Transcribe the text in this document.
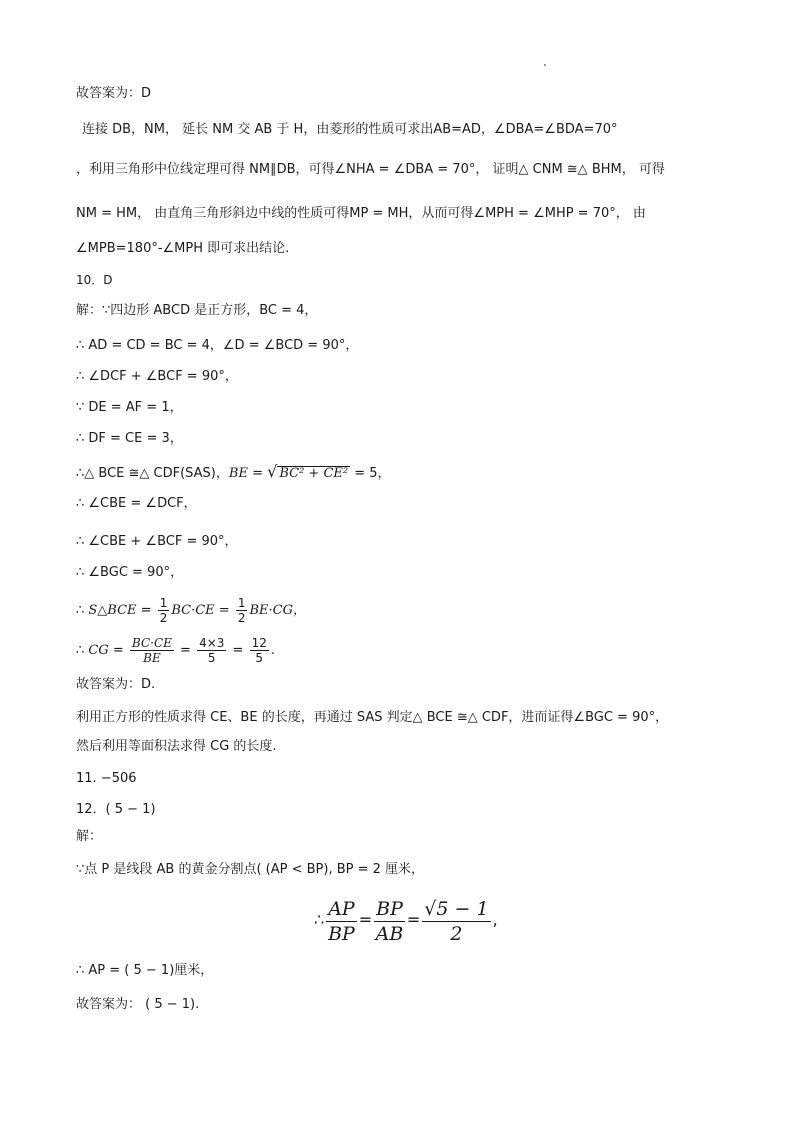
故答案为：D
连接 DB，NM， 延长 NM 交 AB 于 H，由菱形的性质可求出AB=AD，∠DBA=∠BDA=70°
，利用三角形中位线定理可得 NM∥DB，可得∠NHA = ∠DBA = 70°， 证明△ CNM ≅△ BHM， 可得
NM = HM， 由直角三角形斜边中线的性质可得MP = MH，从而可得∠MPH = ∠MHP = 70°， 由
∠MPB=180°-∠MPH 即可求出结论.
10．D
解：∵四边形 ABCD 是正方形，BC = 4，
∴ AD = CD = BC = 4，∠D = ∠BCD = 90°，
∴ ∠DCF + ∠BCF = 90°，
∵ DE = AF = 1，
∴ DF = CE = 3，
∴△ BCE ≅△ CDF(SAS)，BE = √ BC² + CE² = 5，
∴ ∠CBE = ∠DCF，
∴ ∠CBE + ∠BCF = 90°，
∴ ∠BGC = 90°，
∴ S△BCE = $\frac{1}{2} BC\cdot CE = \frac{1}{2} BE\cdot CG$，
∴ CG = $\frac{BC\cdot CE}{BE} = \frac{4\times 3}{5} = \frac{12}{5}$ .
故答案为：D.
利用正方形的性质求得 CE、BE 的长度，再通过 SAS 判定△ BCE ≅△ CDF，进而证得∠BGC = 90°，
然后利用等面积法求得 CG 的长度.
11. −506
12．( 5 − 1)
解：
∵点 P 是线段 AB 的黄金分割点( (AP < BP), BP = 2 厘米，
∴ $\frac{AP}{BP} = \frac{BP}{AB} = \frac{√5 - 1}{2}$ ,
∴ AP = ( 5 − 1)厘米，
故答案为： ( 5 − 1).
